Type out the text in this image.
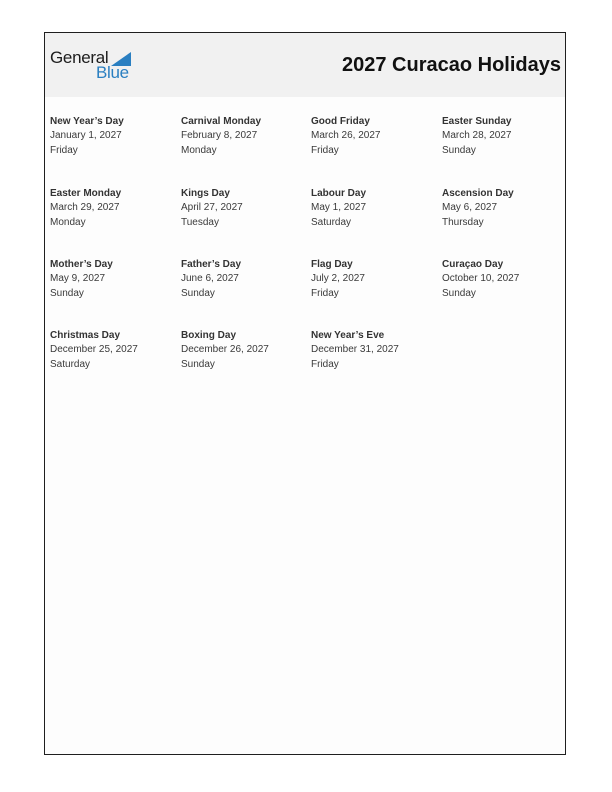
General
Blue	2027 Curacao Holidays
New Year’s Day
January 1, 2027
Friday
Carnival Monday
February 8, 2027
Monday
Good Friday
March 26, 2027
Friday
Easter Sunday
March 28, 2027
Sunday
Easter Monday
March 29, 2027
Monday
Kings Day
April 27, 2027
Tuesday
Labour Day
May 1, 2027
Saturday
Ascension Day
May 6, 2027
Thursday
Mother’s Day
May 9, 2027
Sunday
Father’s Day
June 6, 2027
Sunday
Flag Day
July 2, 2027
Friday
Curaçao Day
October 10, 2027
Sunday
Christmas Day
December 25, 2027
Saturday
Boxing Day
December 26, 2027
Sunday
New Year’s Eve
December 31, 2027
Friday
